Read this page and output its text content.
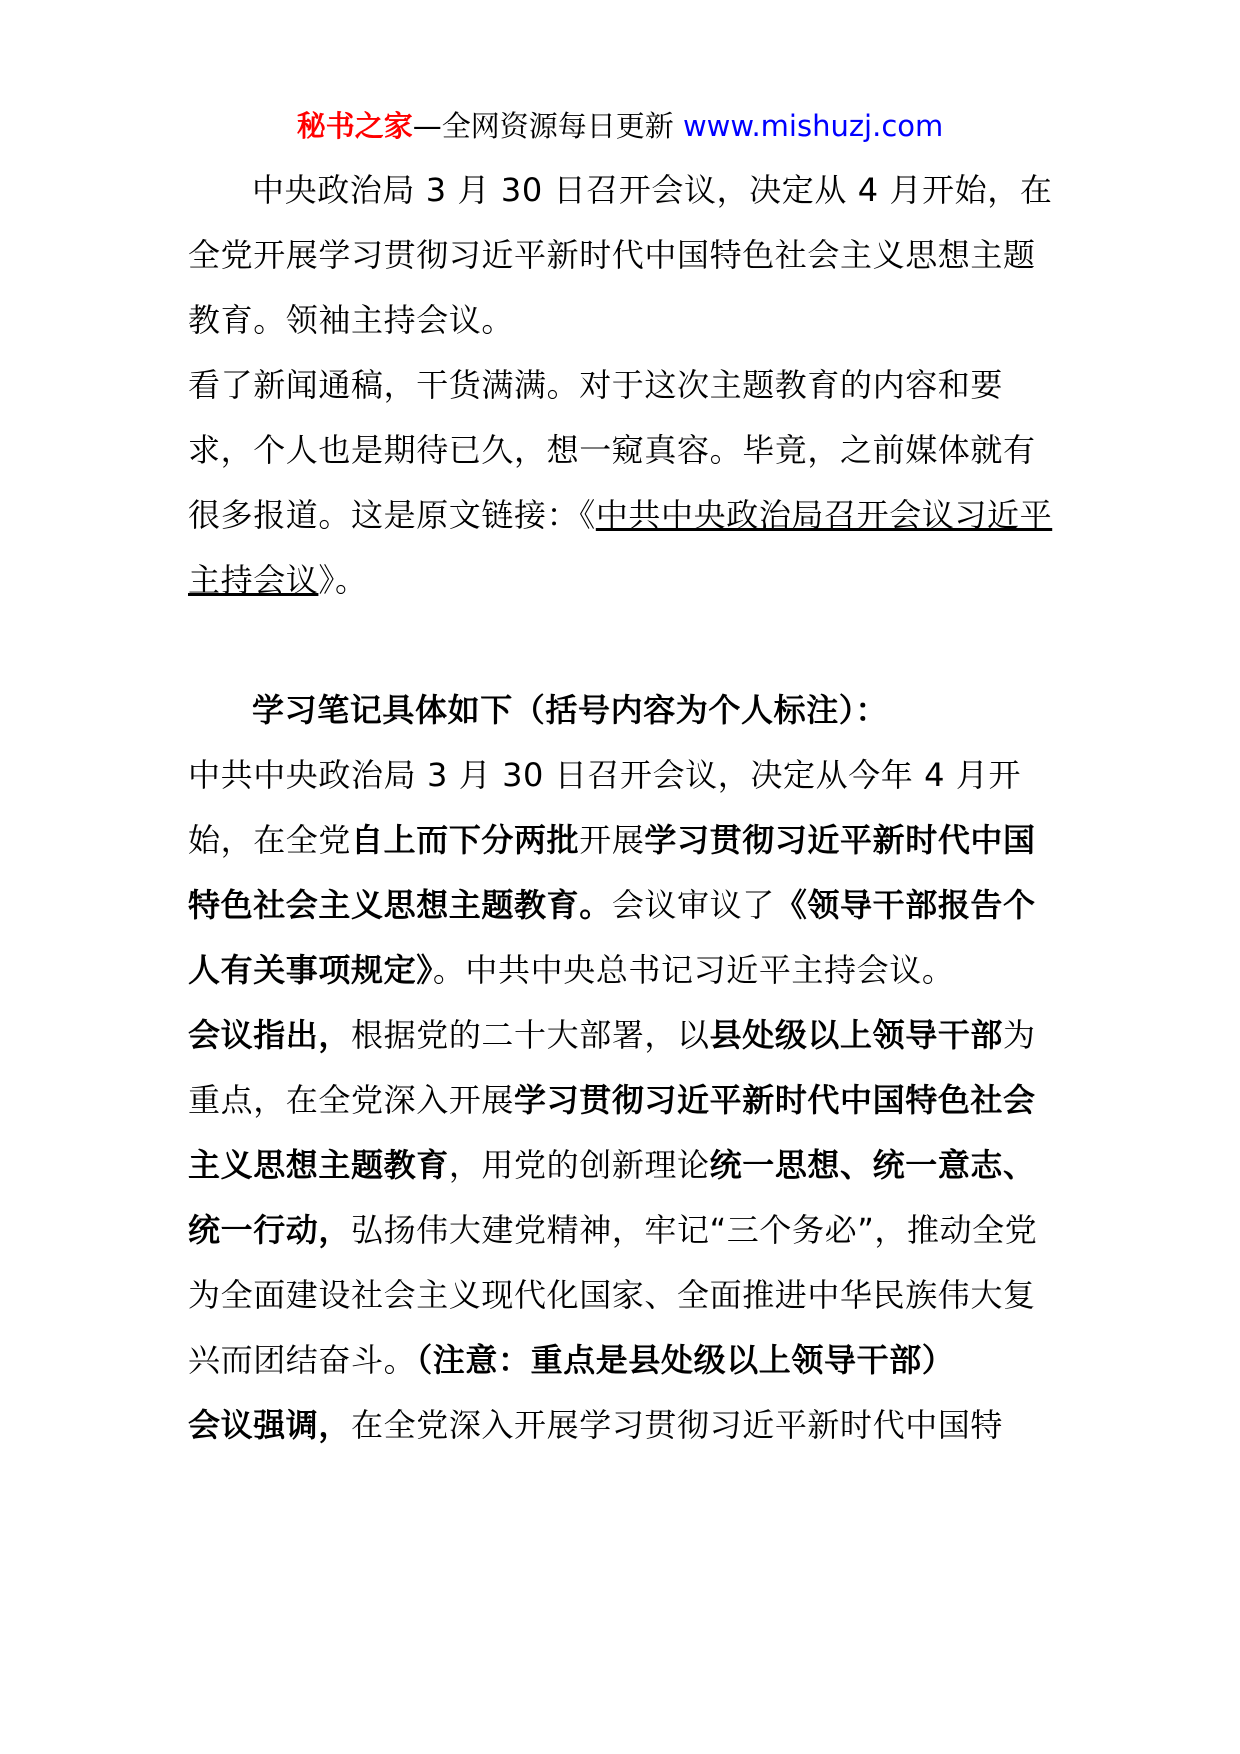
秘书之家—全网资源每日更新 www.mishuzj.com

中央政治局 3 月 30 日召开会议，决定从 4 月开始，在全党开展学习贯彻习近平新时代中国特色社会主义思想主题教育。领袖主持会议。

看了新闻通稿，干货满满。对于这次主题教育的内容和要求，个人也是期待已久，想一窥真容。毕竟，之前媒体就有很多报道。这是原文链接：《中共中央政治局召开会议习近平主持会议》。

学习笔记具体如下（括号内容为个人标注）：

中共中央政治局 3 月 30 日召开会议，决定从今年 4 月开始，在全党自上而下分两批开展学习贯彻习近平新时代中国特色社会主义思想主题教育。会议审议了《领导干部报告个人有关事项规定》。中共中央总书记习近平主持会议。

会议指出，根据党的二十大部署，以县处级以上领导干部为重点，在全党深入开展学习贯彻习近平新时代中国特色社会主义思想主题教育，用党的创新理论统一思想、统一意志、统一行动，弘扬伟大建党精神，牢记“三个务必”，推动全党为全面建设社会主义现代化国家、全面推进中华民族伟大复兴而团结奋斗。（注意：重点是县处级以上领导干部）

会议强调，在全党深入开展学习贯彻习近平新时代中国特
